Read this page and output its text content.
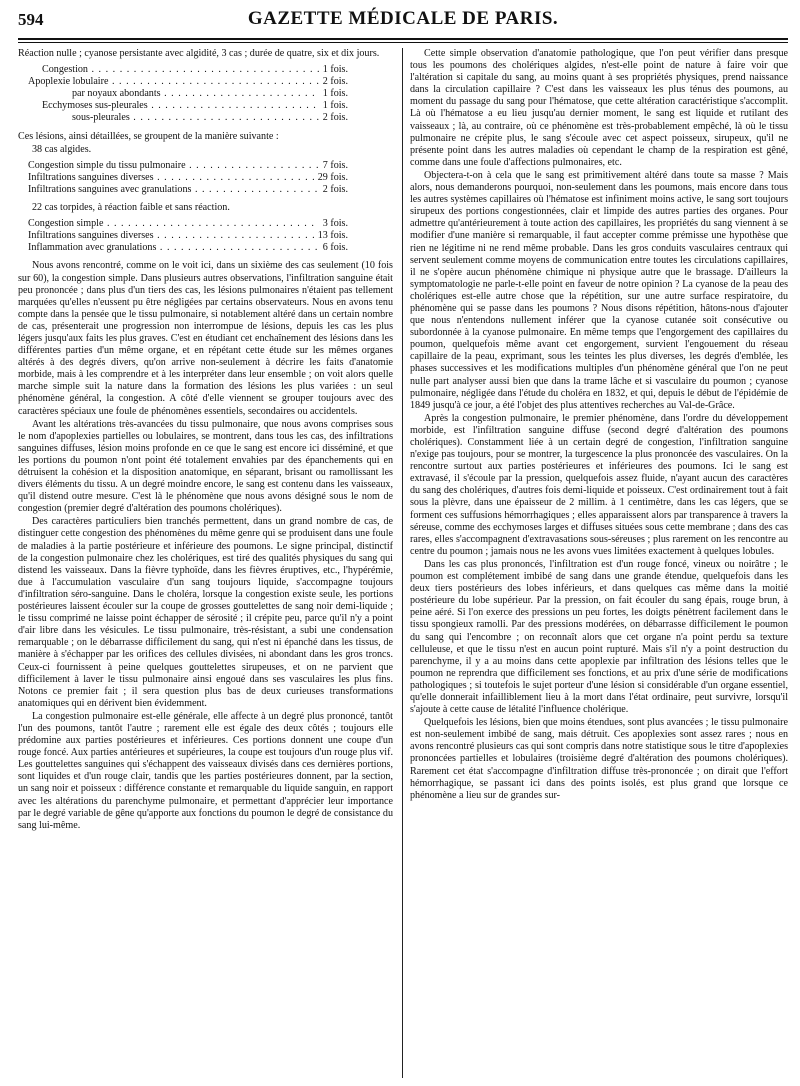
594	GAZETTE MÉDICALE DE PARIS.

Réaction nulle ; cyanose persistante avec algidité, 3 cas ; durée de quatre, six et dix jours.

Congestion . . .	1 fois.
Apoplexie lobulaire . . .	2 fois.
par noyaux abondants . . .	1 fois.
Ecchymoses sus-pleurales . . .	1 fois.
sous-pleurales . . .	2 fois.

Ces lésions, ainsi détaillées, se groupent de la manière suivante :

38 cas algides.

Congestion simple du tissu pulmonaire . . .	7 fois.
Infiltrations sanguines diverses . . .	29 fois.
Infiltrations sanguines avec granulations . . .	2 fois.

22 cas torpides, à réaction faible et sans réaction.

Congestion simple . . .	3 fois.
Infiltrations sanguines diverses . . .	13 fois.
Inflammation avec granulations . . .	6 fois.

Nous avons rencontré, comme on le voit ici, dans un sixième des cas seulement (10 fois sur 60), la congestion simple. Dans plusieurs autres observations, l'infiltration sanguine était peu prononcée ; dans plus d'un tiers des cas, les lésions pulmonaires n'étaient pas tellement marquées qu'elles n'eussent pu être négligées par certains observateurs. Nous en avons tenu compte dans la pensée que le tissu pulmonaire, si notablement altéré dans un certain nombre de cas, présenterait une progression non interrompue de lésions, depuis les cas les plus légers jusqu'aux faits les plus graves. C'est en étudiant cet enchaînement des lésions dans les différentes parties d'un même organe, et en répétant cette étude sur les mêmes organes altérés à des degrés divers, qu'on arrive non-seulement à décrire les faits d'anatomie morbide, mais à les comprendre et à les interpréter dans leur ensemble ; on voit alors quelle marche simple suit la nature dans la formation des lésions les plus variées : un seul phénomène général, la congestion. A côté d'elle viennent se grouper toujours avec des caractères spéciaux une foule de phénomènes essentiels, secondaires ou accidentels.

Avant les altérations très-avancées du tissu pulmonaire, que nous avons comprises sous le nom d'apoplexies partielles ou lobulaires, se montrent, dans tous les cas, des infiltrations sanguines diffuses, lésion moins profonde en ce que le sang est encore ici disséminé, et que les portions du poumon n'ont point été totalement envahies par des épanchements qui en détruisent la cohésion et la disposition anatomique, en séparant, brisant ou ramollissant les divers éléments du tissu. A un degré moindre encore, le sang est contenu dans les vaisseaux, qu'il distend outre mesure. C'est là le phénomène que nous avons désigné sous le nom de congestion (premier degré d'altération des poumons cholériques).

Des caractères particuliers bien tranchés permettent, dans un grand nombre de cas, de distinguer cette congestion des phénomènes du même genre qui se produisent dans une foule de maladies à la partie postérieure et inférieure des poumons. Le signe principal, distinctif de la congestion pulmonaire chez les cholériques, est tiré des qualités physiques du sang qui distend les vaisseaux. Dans la fièvre typhoïde, dans les fièvres éruptives, etc., l'hypérémie, due à l'accumulation vasculaire d'un sang toujours liquide, s'accompagne toujours d'infiltration séro-sanguine. Dans le choléra, lorsque la congestion existe seule, les portions postérieures laissent écouler sur la coupe de grosses gouttelettes de sang noir demi-liquide ; le tissu comprimé ne laisse point échapper de sérosité ; il crépite peu, parce qu'il n'y a point d'air libre dans les vésicules. Le tissu pulmonaire, très-résistant, a subi une condensation remarquable ; on le débarrasse difficilement du sang, qui n'est ni épanché dans les tissus, de manière à s'échapper par les orifices des cellules divisées, ni abondant dans les gros troncs. Ceux-ci fournissent à peine quelques gouttelettes sirupeuses, et on ne parvient que difficilement à laver le tissu pulmonaire ainsi engoué dans ses vasculaires les plus fins. Notons ce premier fait ; il sera question plus bas de deux curieuses transformations anatomiques qui en dérivent bien évidemment.

La congestion pulmonaire est-elle générale, elle affecte à un degré plus prononcé, tantôt l'un des poumons, tantôt l'autre ; rarement elle est égale des deux côtés ; toujours elle prédomine aux parties postérieures et inférieures. Ces portions donnent une coupe d'un rouge foncé. Aux parties antérieures et supérieures, la coupe est toujours d'un rouge plus vif. Les gouttelettes sanguines qui s'échappent des vaisseaux divisés dans ces dernières portions, sont liquides et d'un rouge clair, tandis que les parties postérieures donnent, par la section, un sang noir et poisseux : différence constante et remarquable du liquide sanguin, en rapport avec les altérations du parenchyme pulmonaire, et permettant d'apprécier leur importance par le degré variable de gêne qu'apporte aux fonctions du poumon le degré de consistance du sang lui-même.

Cette simple observation d'anatomie pathologique, que l'on peut vérifier dans presque tous les poumons des cholériques algides, n'est-elle point de nature à faire voir que l'altération si capitale du sang, au moins quant à ses propriétés physiques, prend naissance dans la circulation capillaire ? C'est dans les vaisseaux les plus ténus des poumons, au moment du passage du sang pour l'hématose, que cette altération caractéristique s'accomplit. Là où l'hématose a eu lieu jusqu'au dernier moment, le sang est liquide et rutilant des vaisseaux ; là, au contraire, où ce phénomène est très-probablement empêché, là où le tissu pulmonaire ne crépite plus, le sang s'écoule avec cet aspect poisseux, sirupeux, qu'il ne présente point dans les autres maladies où cependant le champ de la respiration est gêné, comme dans une foule d'affections pulmonaires, etc.

Objectera-t-on à cela que le sang est primitivement altéré dans toute sa masse ? Mais alors, nous demanderons pourquoi, non-seulement dans les poumons, mais encore dans tous les autres systèmes capillaires où l'hématose est infiniment moins active, le sang sort toujours sirupeux des portions congestionnées, clair et limpide des autres parties des organes. Pour admettre qu'antérieurement à toute action des capillaires, les propriétés du sang viennent à se modifier d'une manière si remarquable, il faut accepter comme prémisse une hypothèse que rien ne légitime ni ne rend même probable. Dans les gros conduits vasculaires centraux qui servent seulement comme moyens de communication entre toutes les circulations capillaires, il ne s'opère aucun phénomène chimique ni physique autre que le brassage. D'ailleurs la symptomatologie ne parle-t-elle point en faveur de notre opinion ? La cyanose de la peau des cholériques est-elle autre chose que la répétition, sur une autre surface respiratoire, du phénomène qui se passe dans les poumons ? Nous disons répétition, hâtons-nous d'ajouter que nous n'entendons nullement inférer que la cyanose cutanée soit consécutive ou subordonnée à la cyanose pulmonaire. En même temps que l'engorgement des capillaires du poumon, quelquefois même avant cet engorgement, survient l'engouement du réseau capillaire de la peau, exprimant, sous les teintes les plus diverses, les degrés d'emblée, les phases successives et les modifications multiples d'un phénomène général que l'on ne peut nulle part analyser aussi bien que dans la trame lâche et si vasculaire du poumon ; cyanose pulmonaire, négligée dans l'étude du choléra en 1832, et qui, depuis le début de l'épidémie de 1849 jusqu'à ce jour, a été l'objet des plus attentives recherches au Val-de-Grâce.

Après la congestion pulmonaire, le premier phénomène, dans l'ordre du développement morbide, est l'infiltration sanguine diffuse (second degré d'altération des poumons cholériques). Constamment liée à un certain degré de congestion, l'infiltration sanguine n'exige pas toujours, pour se montrer, la turgescence la plus prononcée des vasculaires. On la rencontre surtout aux parties postérieures et inférieures des poumons. Ici le sang est extravasé, il s'écoule par la pression, quelquefois assez fluide, n'ayant aucun des caractères du sang des cholériques, d'autres fois demi-liquide et poisseux. C'est ordinairement tout à fait sous la plèvre, dans une épaisseur de 2 millim. à 1 centimètre, dans les cas légers, que se forment ces suffusions hémorrhagiques ; elles apparaissent alors par transparence à travers la séreuse, comme des ecchymoses larges et diffuses situées sous cette membrane ; dans des cas rares, elles s'accompagnent d'extravasations sous-séreuses ; plus rarement on les rencontre au centre du poumon ; jamais nous ne les avons vues limitées exactement à quelques lobules.

Dans les cas plus prononcés, l'infiltration est d'un rouge foncé, vineux ou noirâtre ; le poumon est complétement imbibé de sang dans une grande étendue, quelquefois dans les deux tiers postérieurs des lobes inférieurs, et dans quelques cas même dans la moitié postérieure du lobe supérieur. Par la pression, on fait écouler du sang épais, rouge brun, à peine aéré. Si l'on exerce des pressions un peu fortes, les doigts pénètrent facilement dans le tissu spongieux ramolli. Par des pressions modérées, on débarrasse difficilement le poumon du sang qui l'encombre ; on reconnaît alors que cet organe n'a point perdu sa texture celluleuse, et que le tissu n'est en aucun point rupturé. Mais s'il n'y a point destruction du parenchyme, il y a au moins dans cette apoplexie par infiltration des lésions telles que le poumon ne reprendra que difficilement ses fonctions, et au prix d'une série de modifications pathologiques ; si toutefois le sujet porteur d'une lésion si considérable d'un organe essentiel, qu'elle donnerait infailliblement lieu à la mort dans l'état ordinaire, peut survivre, lorsqu'il s'ajoute à cette cause de létalité l'influence cholérique.

Quelquefois les lésions, bien que moins étendues, sont plus avancées ; le tissu pulmonaire est non-seulement imbibé de sang, mais détruit. Ces apoplexies sont assez rares ; nous en avons rencontré plusieurs cas qui sont compris dans notre statistique sous le titre d'apoplexies prononcées partielles et lobulaires (troisième degré d'altération des poumons cholériques). Rarement cet état s'accompagne d'infiltration diffuse très-prononcée ; on dirait que l'effort hémorrhagique, se passant ici dans des points isolés, est plus grand que lorsque ce phénomène a lieu sur de grandes sur-
